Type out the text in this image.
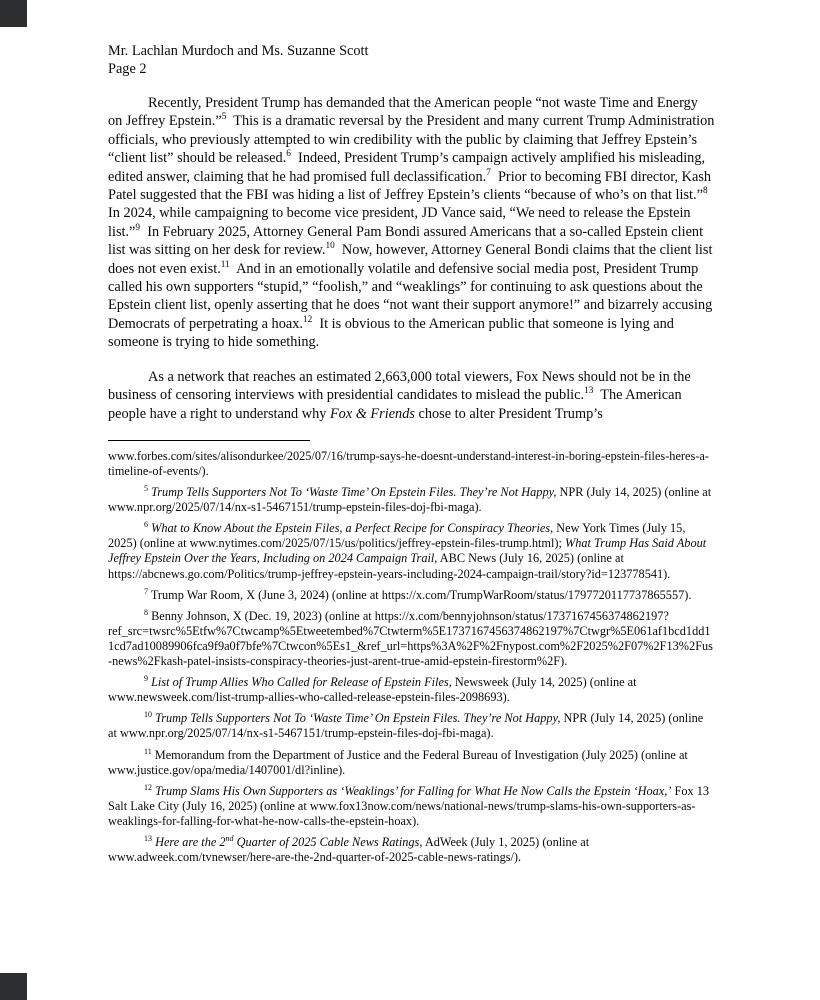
Mr. Lachlan Murdoch and Ms. Suzanne Scott
Page 2

Recently, President Trump has demanded that the American people “not waste Time and Energy on Jeffrey Epstein.”$^5$  This is a dramatic reversal by the President and many current Trump Administration officials, who previously attempted to win credibility with the public by claiming that Jeffrey Epstein’s “client list” should be released.$^6$  Indeed, President Trump’s campaign actively amplified his misleading, edited answer, claiming that he had promised full declassification.$^7$  Prior to becoming FBI director, Kash Patel suggested that the FBI was hiding a list of Jeffrey Epstein’s clients “because of who’s on that list.”$^8$  In 2024, while campaigning to become vice president, JD Vance said, “We need to release the Epstein list.”$^9$  In February 2025, Attorney General Pam Bondi assured Americans that a so-called Epstein client list was sitting on her desk for review.$^{10}$  Now, however, Attorney General Bondi claims that the client list does not even exist.$^{11}$  And in an emotionally volatile and defensive social media post, President Trump called his own supporters “stupid,” “foolish,” and “weaklings” for continuing to ask questions about the Epstein client list, openly asserting that he does “not want their support anymore!” and bizarrely accusing Democrats of perpetrating a hoax.$^{12}$  It is obvious to the American public that someone is lying and someone is trying to hide something.

As a network that reaches an estimated 2,663,000 total viewers, Fox News should not be in the business of censoring interviews with presidential candidates to mislead the public.$^{13}$  The American people have a right to understand why Fox & Friends chose to alter President Trump’s

www.forbes.com/sites/alisondurkee/2025/07/16/trump-says-he-doesnt-understand-interest-in-boring-epstein-files-heres-a-timeline-of-events/).

$^5$ Trump Tells Supporters Not To ‘Waste Time’ On Epstein Files. They’re Not Happy, NPR (July 14, 2025) (online at www.npr.org/2025/07/14/nx-s1-5467151/trump-epstein-files-doj-fbi-maga).

$^6$ What to Know About the Epstein Files, a Perfect Recipe for Conspiracy Theories, New York Times (July 15, 2025) (online at www.nytimes.com/2025/07/15/us/politics/jeffrey-epstein-files-trump.html); What Trump Has Said About Jeffrey Epstein Over the Years, Including on 2024 Campaign Trail, ABC News (July 16, 2025) (online at https://abcnews.go.com/Politics/trump-jeffrey-epstein-years-including-2024-campaign-trail/story?id=123778541).

$^7$ Trump War Room, X (June 3, 2024) (online at https://x.com/TrumpWarRoom/status/1797720117737865557).

$^8$ Benny Johnson, X (Dec. 19, 2023) (online at https://x.com/bennyjohnson/status/1737167456374862197?ref_src=twsrc%5Etfw%7Ctwcamp%5Etweetembed%7Ctwterm%5E1737167456374862197%7Ctwgr%5E061af1bcd1dd11cd7ad10089906fca9f9a0f7bfe%7Ctwcon%5Es1_&ref_url=https%3A%2F%2Fnypost.com%2F2025%2F07%2F13%2Fus-news%2Fkash-patel-insists-conspiracy-theories-just-arent-true-amid-epstein-firestorm%2F).

$^9$ List of Trump Allies Who Called for Release of Epstein Files, Newsweek (July 14, 2025) (online at www.newsweek.com/list-trump-allies-who-called-release-epstein-files-2098693).

$^{10}$ Trump Tells Supporters Not To ‘Waste Time’ On Epstein Files. They’re Not Happy, NPR (July 14, 2025) (online at www.npr.org/2025/07/14/nx-s1-5467151/trump-epstein-files-doj-fbi-maga).

$^{11}$ Memorandum from the Department of Justice and the Federal Bureau of Investigation (July 2025) (online at www.justice.gov/opa/media/1407001/dl?inline).

$^{12}$ Trump Slams His Own Supporters as ‘Weaklings’ for Falling for What He Now Calls the Epstein ‘Hoax,’ Fox 13 Salt Lake City (July 16, 2025) (online at www.fox13now.com/news/national-news/trump-slams-his-own-supporters-as-weaklings-for-falling-for-what-he-now-calls-the-epstein-hoax).

$^{13}$ Here are the 2nd Quarter of 2025 Cable News Ratings, AdWeek (July 1, 2025) (online at www.adweek.com/tvnewser/here-are-the-2nd-quarter-of-2025-cable-news-ratings/).
